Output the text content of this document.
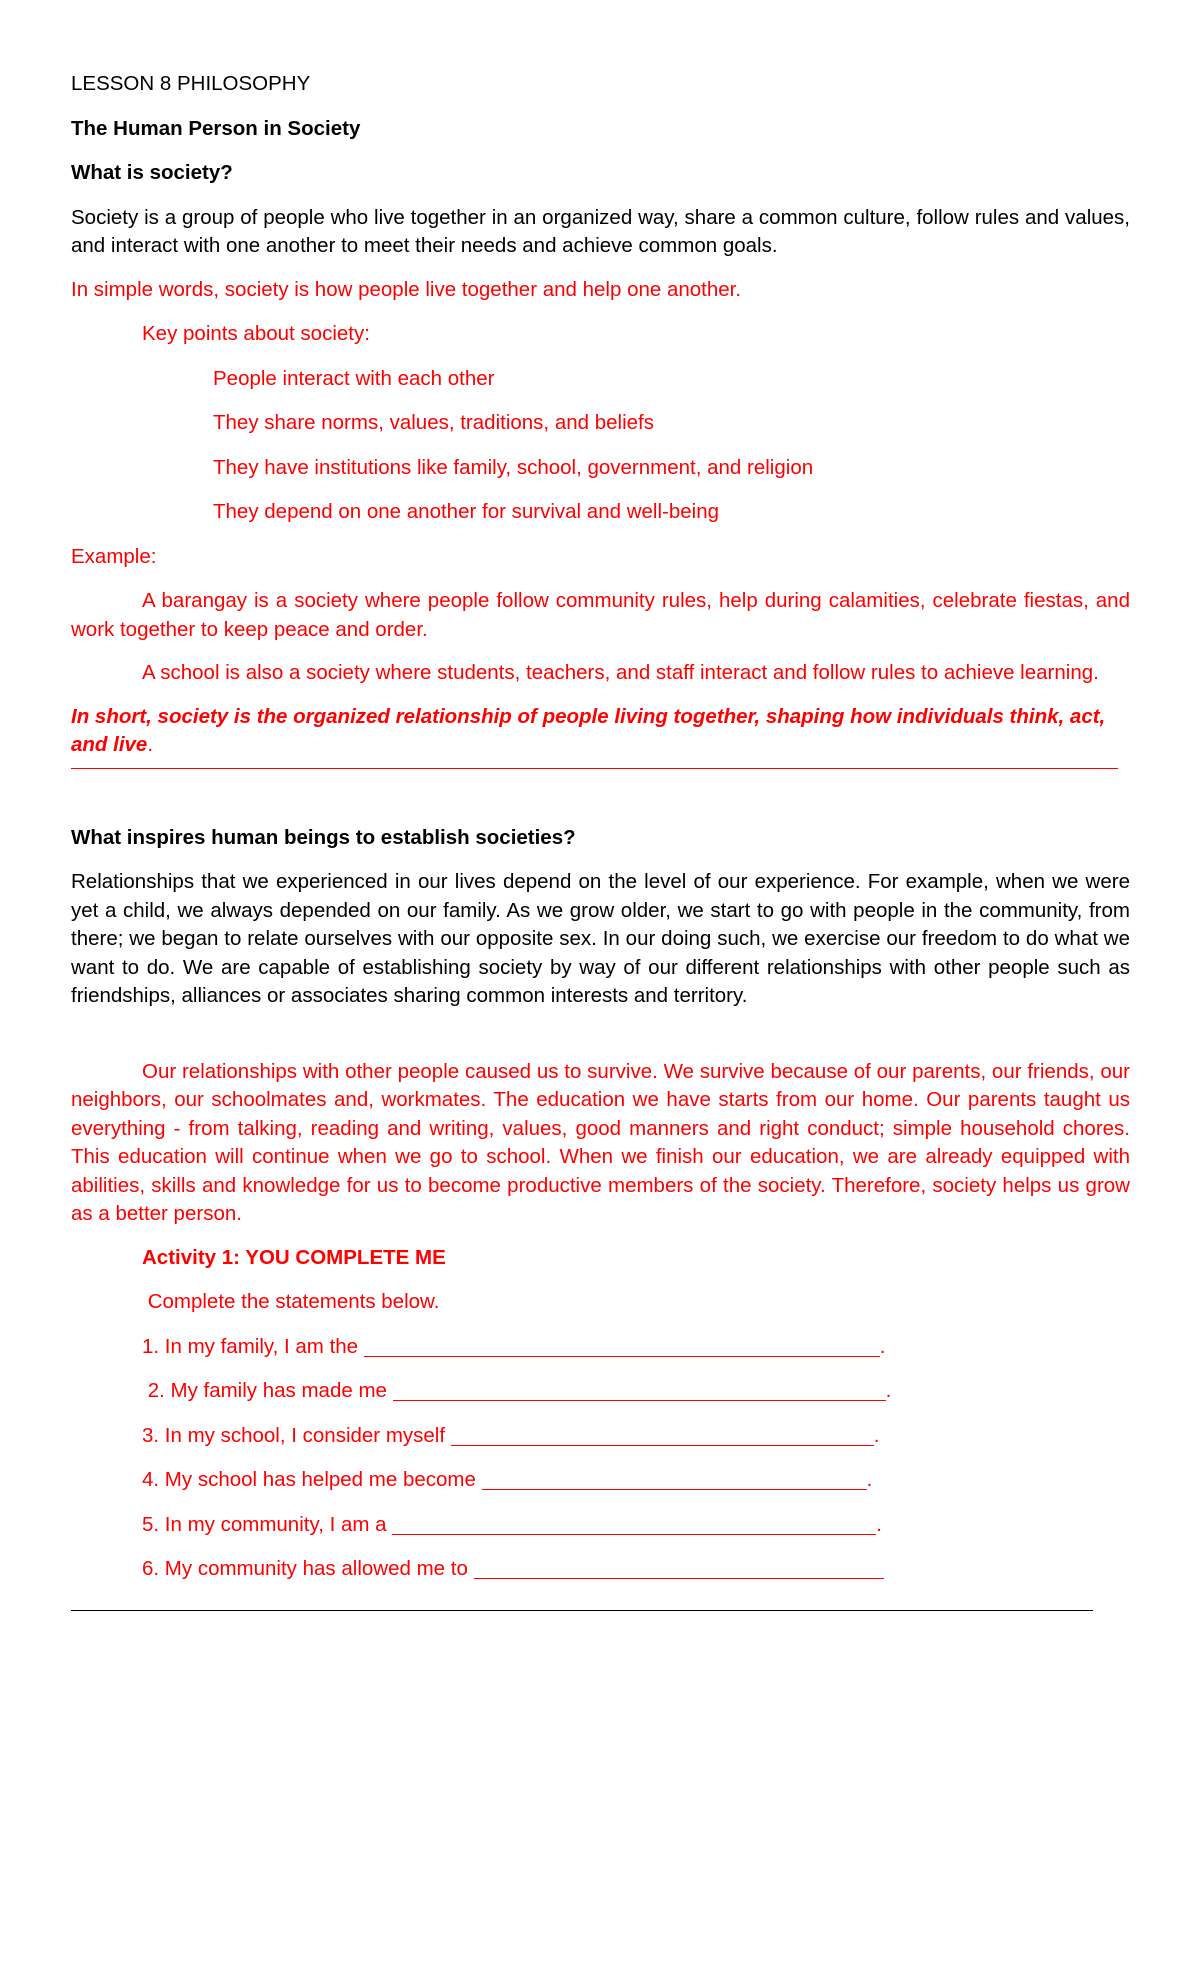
LESSON 8 PHILOSOPHY

The Human Person in Society

What is society?

Society is a group of people who live together in an organized way, share a common culture, follow rules and values, and interact with one another to meet their needs and achieve common goals.

In simple words, society is how people live together and help one another.

Key points about society:

People interact with each other

They share norms, values, traditions, and beliefs

They have institutions like family, school, government, and religion

They depend on one another for survival and well-being

Example:

A barangay is a society where people follow community rules, help during calamities, celebrate fiestas, and work together to keep peace and order.

A school is also a society where students, teachers, and staff interact and follow rules to achieve learning.

In short, society is the organized relationship of people living together, shaping how individuals think, act, and live.

What inspires human beings to establish societies?

Relationships that we experienced in our lives depend on the level of our experience. For example, when we were yet a child, we always depended on our family. As we grow older, we start to go with people in the community, from there; we began to relate ourselves with our opposite sex. In our doing such, we exercise our freedom to do what we want to do. We are capable of establishing society by way of our different relationships with other people such as friendships, alliances or associates sharing common interests and territory.

Our relationships with other people caused us to survive. We survive because of our parents, our friends, our neighbors, our schoolmates and, workmates. The education we have starts from our home. Our parents taught us everything - from talking, reading and writing, values, good manners and right conduct; simple household chores. This education will continue when we go to school. When we finish our education, we are already equipped with abilities, skills and knowledge for us to become productive members of the society. Therefore, society helps us grow as a better person.

Activity 1: YOU COMPLETE ME

Complete the statements below.

1. In my family, I am the	.

2. My family has made me	.

3. In my school, I consider myself	.

4. My school has helped me become	.

5. In my community, I am a	.

6. My community has allowed me to
